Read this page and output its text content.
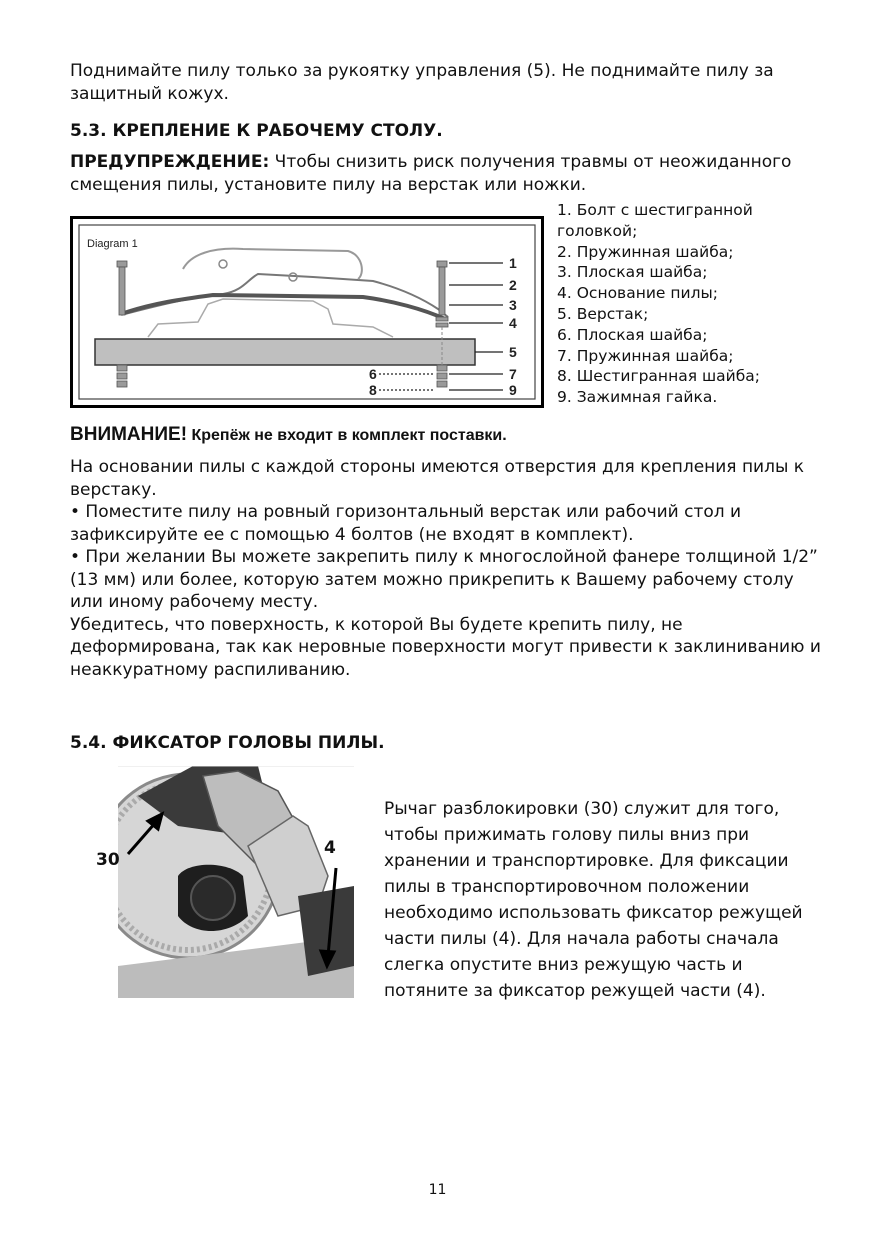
Поднимайте пилу только за рукоятку управления (5). Не поднимайте пилу за
защитный кожух.
5.3. КРЕПЛЕНИЕ К РАБОЧЕМУ СТОЛУ.
ПРЕДУПРЕЖДЕНИЕ: Чтобы снизить риск получения травмы от неожиданного
смещения пилы, установите пилу на верстак или ножки.
Diagram 1
1
2
3
4
5
6	7
8	9
1. Болт с шестигранной
головкой;
2. Пружинная шайба;
3. Плоская шайба;
4. Основание пилы;
5. Верстак;
6. Плоская шайба;
7. Пружинная шайба;
8. Шестигранная шайба;
9. Зажимная гайка.
ВНИМАНИЕ! Крепёж не входит в комплект поставки.
На основании пилы с каждой стороны имеются отверстия для крепления пилы к
верстаку.
• Поместите пилу на ровный горизонтальный верстак или рабочий стол и
зафиксируйте ее с помощью 4 болтов (не входят в комплект).
• При желании Вы можете закрепить пилу к многослойной фанере толщиной 1/2”
(13 мм) или более, которую затем можно прикрепить к Вашему рабочему столу
или иному рабочему месту.
Убедитесь, что поверхность, к которой Вы будете крепить пилу, не
деформирована, так как неровные поверхности могут привести к заклиниванию и
неаккуратному распиливанию.
5.4. ФИКСАТОР ГОЛОВЫ ПИЛЫ.
30
4
Рычаг разблокировки (30) служит для того,
чтобы прижимать голову пилы вниз при
хранении и транспортировке. Для фиксации
пилы в транспортировочном положении
необходимо использовать фиксатор режущей
части пилы (4). Для начала работы сначала
слегка опустите вниз режущую часть и
потяните за фиксатор режущей части (4).
11
